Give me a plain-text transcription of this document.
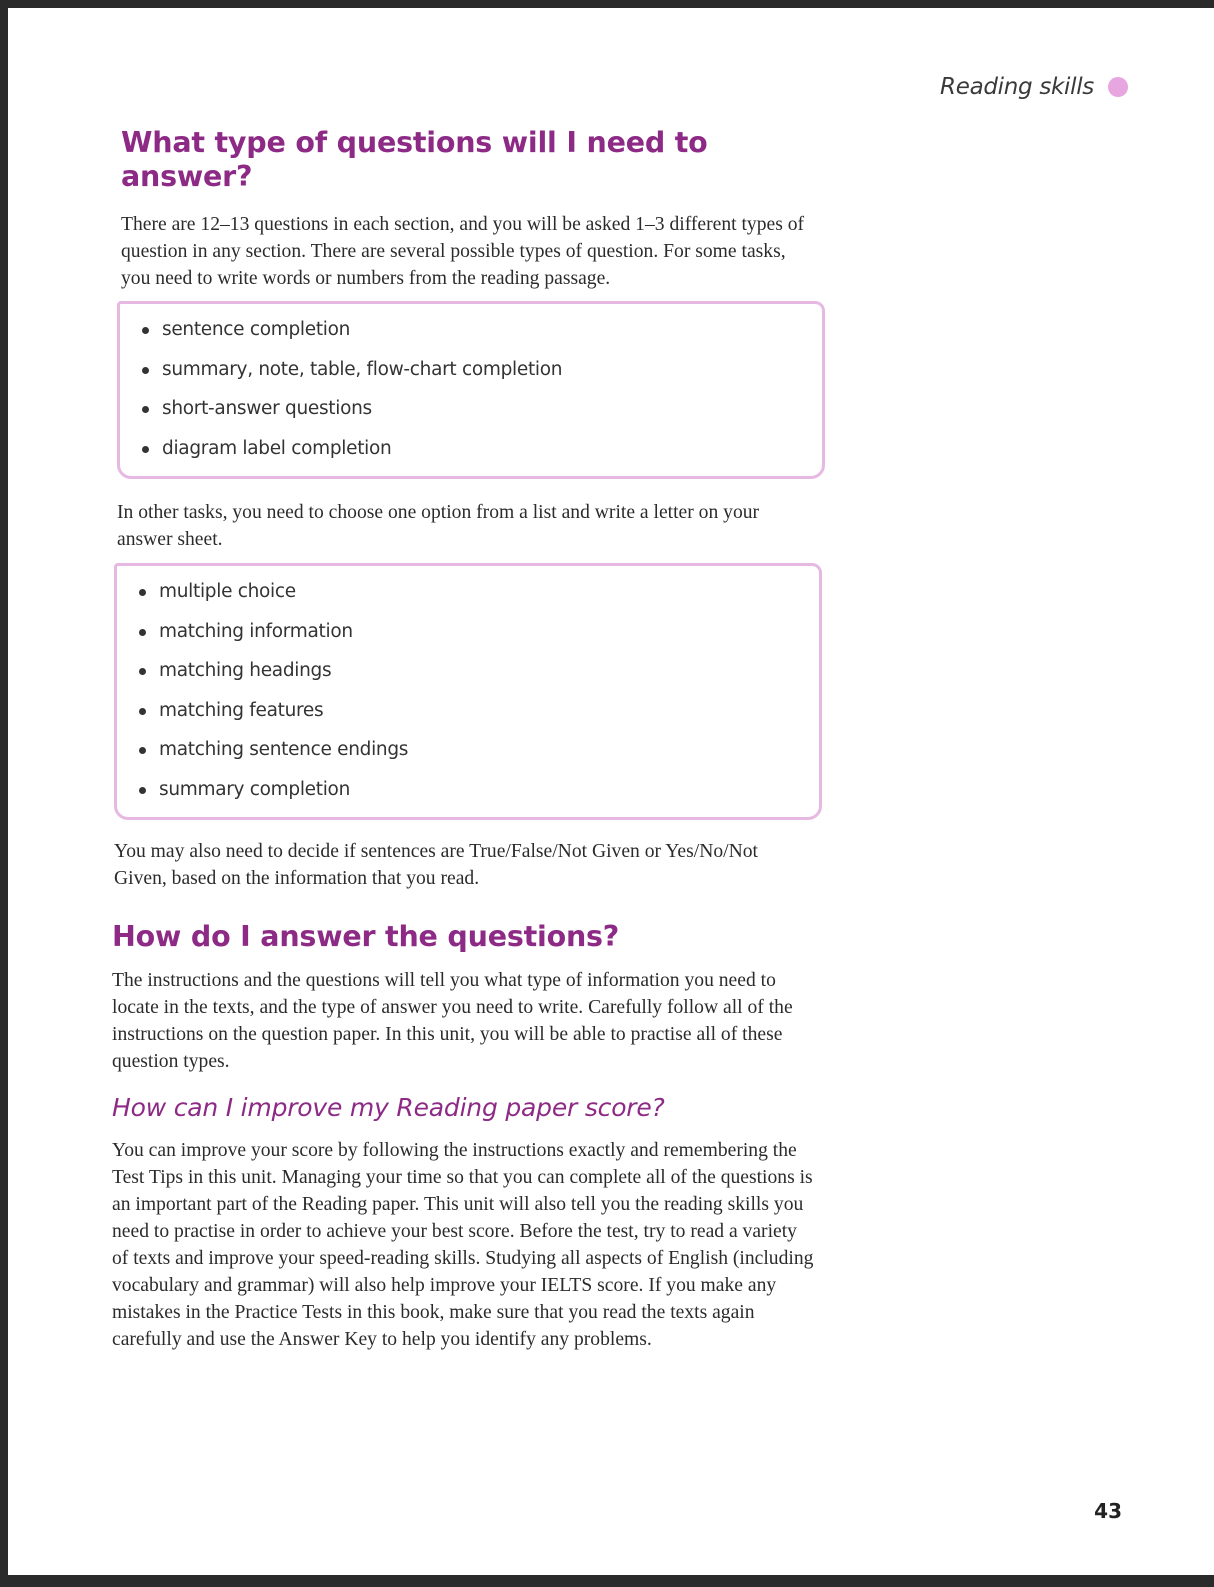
Reading skills
What type of questions will I need to answer?

There are 12–13 questions in each section, and you will be asked 1–3 different types of question in any section. There are several possible types of question. For some tasks, you need to write words or numbers from the reading passage.

sentence completion
summary, note, table, flow-chart completion
short-answer questions
diagram label completion

In other tasks, you need to choose one option from a list and write a letter on your answer sheet.

multiple choice
matching information
matching headings
matching features
matching sentence endings
summary completion

You may also need to decide if sentences are True/False/Not Given or Yes/No/Not Given, based on the information that you read.

How do I answer the questions?

The instructions and the questions will tell you what type of information you need to locate in the texts, and the type of answer you need to write. Carefully follow all of the instructions on the question paper. In this unit, you will be able to practise all of these question types.

How can I improve my Reading paper score?

You can improve your score by following the instructions exactly and remembering the Test Tips in this unit. Managing your time so that you can complete all of the questions is an important part of the Reading paper. This unit will also tell you the reading skills you need to practise in order to achieve your best score. Before the test, try to read a variety of texts and improve your speed-reading skills. Studying all aspects of English (including vocabulary and grammar) will also help improve your IELTS score. If you make any mistakes in the Practice Tests in this book, make sure that you read the texts again carefully and use the Answer Key to help you identify any problems.

43
